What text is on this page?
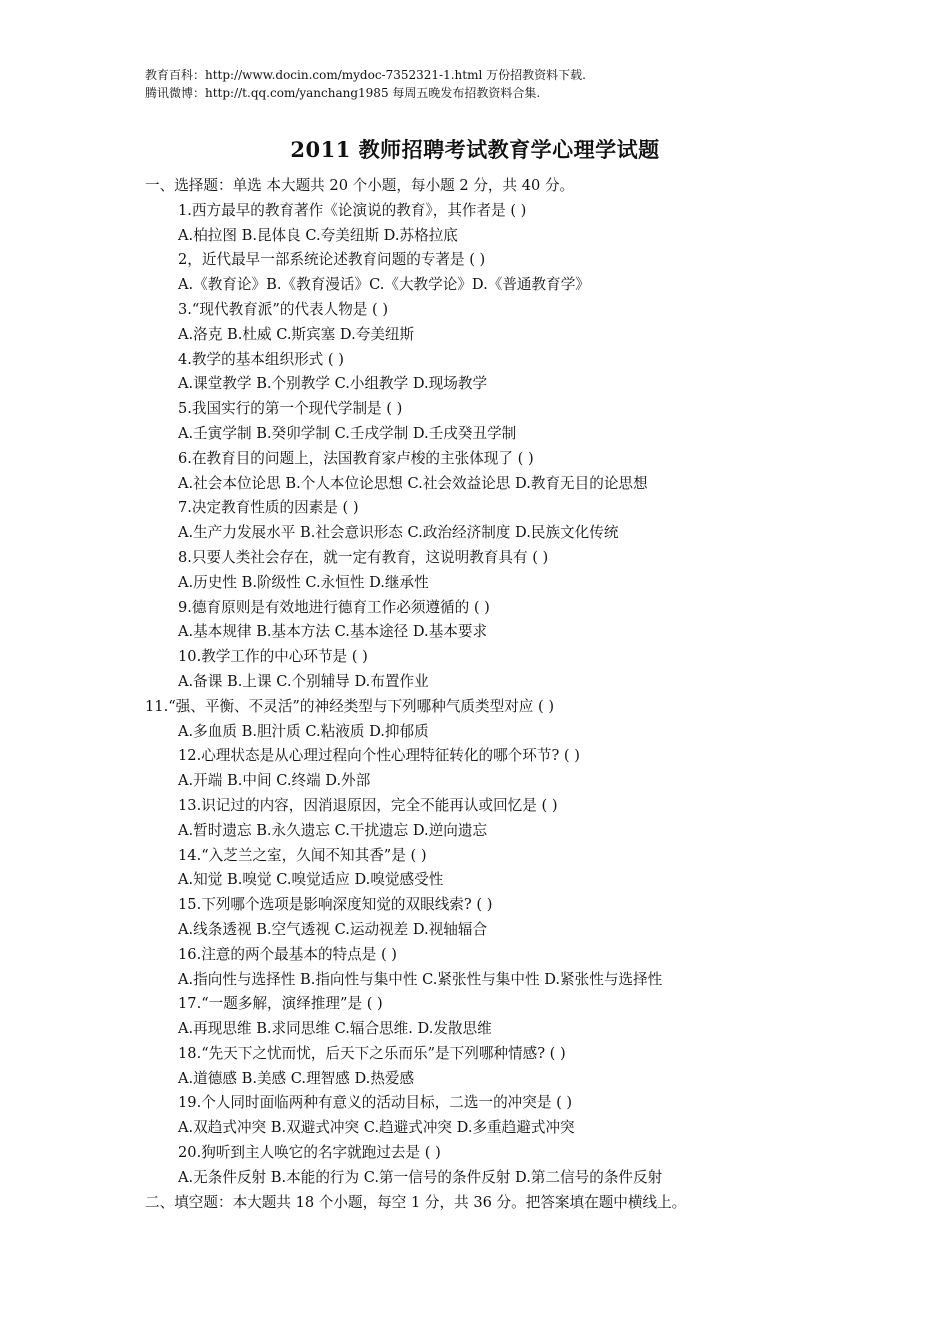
教育百科：http://www.docin.com/mydoc-7352321-1.html 万份招教资料下载.
腾讯微博：http://t.qq.com/yanchang1985 每周五晚发布招教资料合集.
2011 教师招聘考试教育学心理学试题
一、选择题：单选 本大题共 20 个小题，每小题 2 分，共 40 分。
1.西方最早的教育著作《论演说的教育》，其作者是 ( )
A.柏拉图 B.昆体良 C.夸美纽斯 D.苏格拉底
2，近代最早一部系统论述教育问题的专著是 ( )
A.《教育论》B.《教育漫话》C.《大教学论》D.《普通教育学》
3.“现代教育派”的代表人物是 ( )
A.洛克 B.杜威 C.斯宾塞 D.夸美纽斯
4.教学的基本组织形式 ( )
A.课堂教学 B.个别教学 C.小组教学 D.现场教学
5.我国实行的第一个现代学制是 ( )
A.壬寅学制 B.癸卯学制 C.壬戌学制 D.壬戌癸丑学制
6.在教育目的问题上，法国教育家卢梭的主张体现了 ( )
A.社会本位论思 B.个人本位论思想 C.社会效益论思 D.教育无目的论思想
7.决定教育性质的因素是 ( )
A.生产力发展水平 B.社会意识形态 C.政治经济制度 D.民族文化传统
8.只要人类社会存在，就一定有教育，这说明教育具有 ( )
A.历史性 B.阶级性 C.永恒性 D.继承性
9.德育原则是有效地进行德育工作必须遵循的 ( )
A.基本规律 B.基本方法 C.基本途径 D.基本要求
10.教学工作的中心环节是 ( )
A.备课 B.上课 C.个别辅导 D.布置作业
11.“强、平衡、不灵活”的神经类型与下列哪种气质类型对应 ( )
A.多血质 B.胆汁质 C.粘液质 D.抑郁质
12.心理状态是从心理过程向个性心理特征转化的哪个环节? ( )
A.开端 B.中间 C.终端 D.外部
13.识记过的内容，因消退原因，完全不能再认或回忆是 ( )
A.暂时遗忘 B.永久遗忘 C.干扰遗忘 D.逆向遗忘
14.“入芝兰之室，久闻不知其香”是 ( )
A.知觉 B.嗅觉 C.嗅觉适应 D.嗅觉感受性
15.下列哪个选项是影响深度知觉的双眼线索? ( )
A.线条透视 B.空气透视 C.运动视差 D.视轴辐合
16.注意的两个最基本的特点是 ( )
A.指向性与选择性 B.指向性与集中性 C.紧张性与集中性 D.紧张性与选择性
17.“一题多解，演绎推理”是 ( )
A.再现思维 B.求同思维 C.辐合思维. D.发散思维
18.“先天下之忧而忧，后天下之乐而乐”是下列哪种情感? ( )
A.道德感 B.美感 C.理智感 D.热爱感
19.个人同时面临两种有意义的活动目标，二选一的冲突是 ( )
A.双趋式冲突 B.双避式冲突 C.趋避式冲突 D.多重趋避式冲突
20.狗听到主人唤它的名字就跑过去是 ( )
A.无条件反射 B.本能的行为 C.第一信号的条件反射 D.第二信号的条件反射
二、填空题：本大题共 18 个小题，每空 1 分，共 36 分。把答案填在题中横线上。
